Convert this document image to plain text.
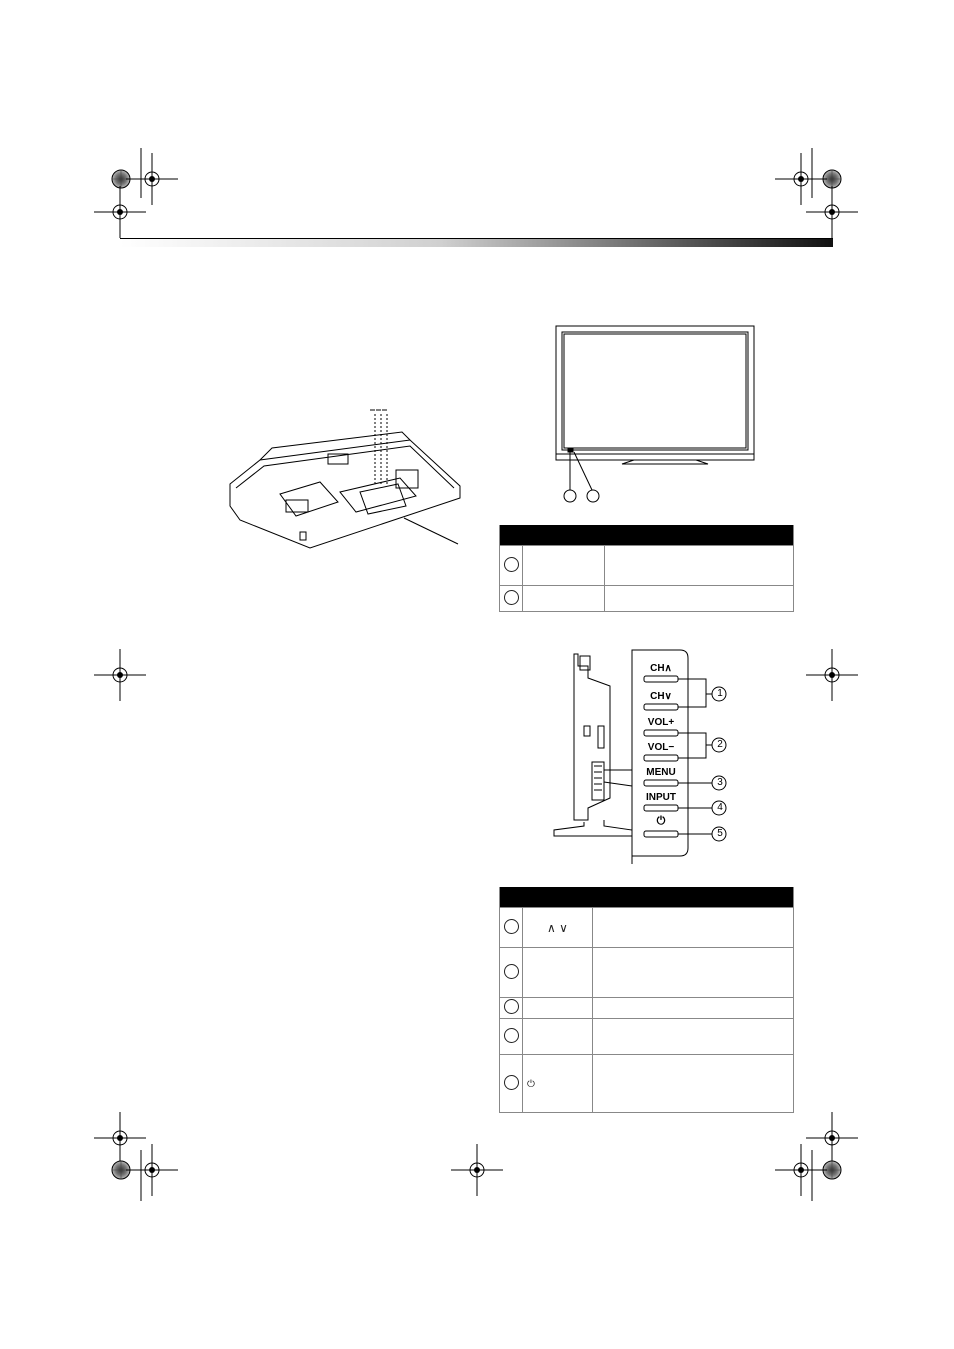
CH∧
CH∨
VOL+
VOL−
MENU
INPUT
⏻
1
2
3
4
5

	∧ ∨	

	⏻	
